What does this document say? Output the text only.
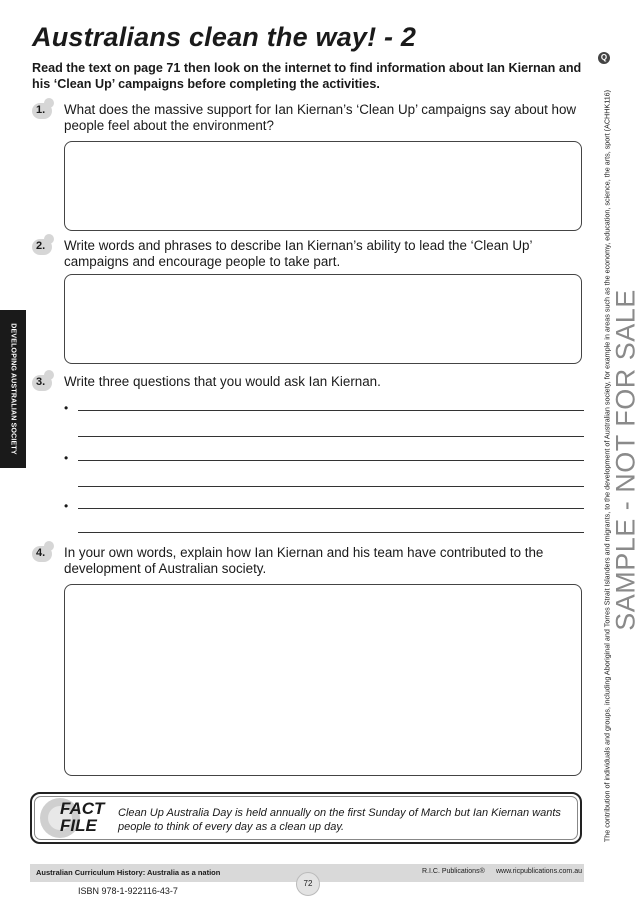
Australians clean the way! - 2
Read the text on page 71 then look on the internet to find information about Ian Kiernan and his ‘Clean Up’ campaigns before completing the activities.
1. What does the massive support for Ian Kiernan’s ‘Clean Up’ campaigns say about how people feel about the environment?
2. Write words and phrases to describe Ian Kiernan’s ability to lead the ‘Clean Up’ campaigns and encourage people to take part.
3. Write three questions that you would ask Ian Kiernan.
•
•
•
4. In your own words, explain how Ian Kiernan and his team have contributed to the development of Australian society.
DEVELOPING AUSTRALIAN SOCIETY
Q
The contribution of individuals and groups, including Aboriginal and Torres Strait Islanders and migrants, to the development of Australian society, for example in areas such as the economy, education, science, the arts, sport (ACHHK116) SAMPLE - NOT FOR SALE
FACT
FILE
Clean Up Australia Day is held annually on the first Sunday of March but Ian Kiernan wants people to think of every day as a clean up day.
Australian Curriculum History: Australia as a nation	R.I.C. Publications® www.ricpublications.com.au
72
ISBN 978-1-922116-43-7
